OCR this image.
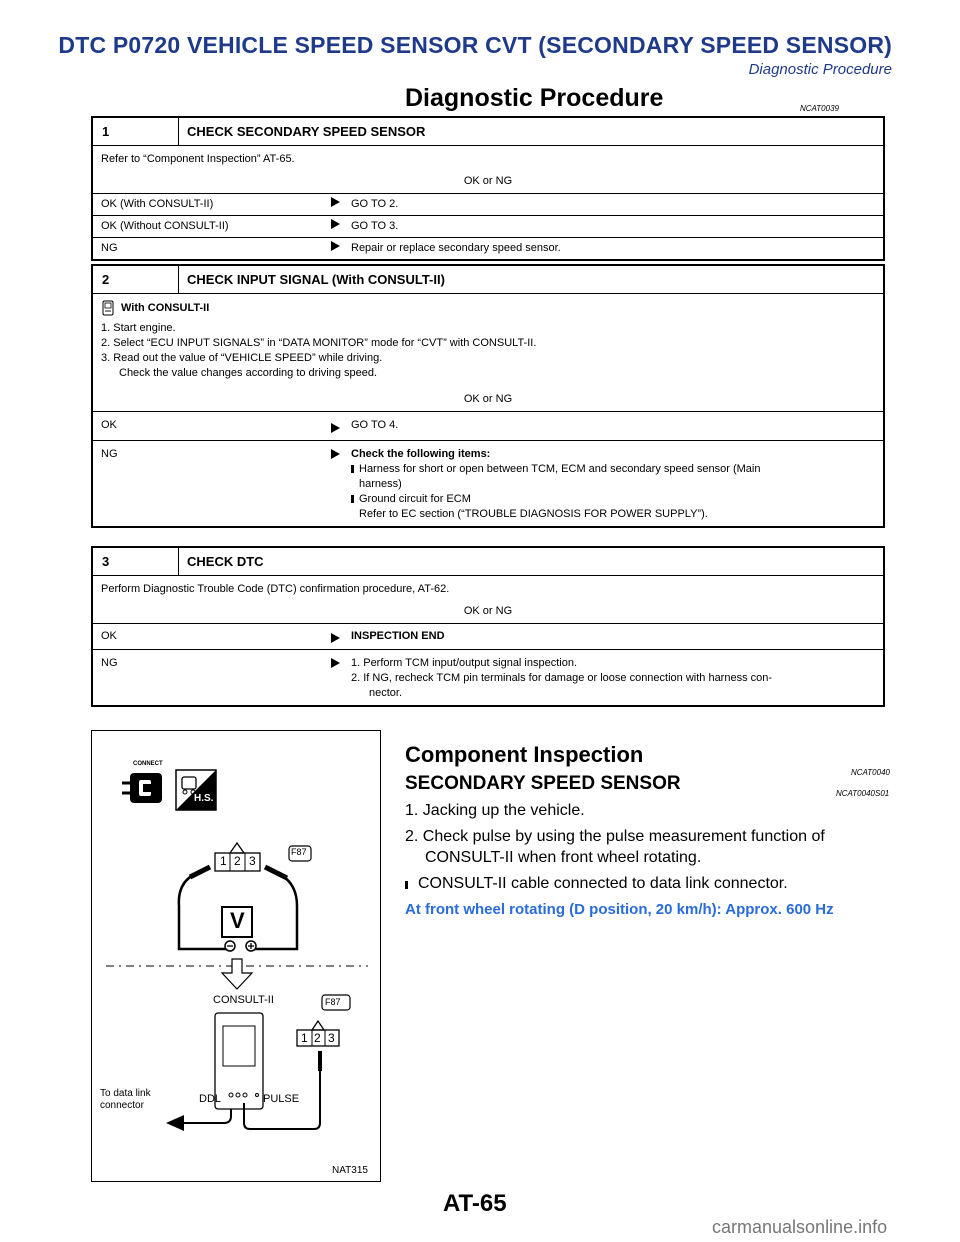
DTC P0720 VEHICLE SPEED SENSOR CVT (SECONDARY SPEED SENSOR)
Diagnostic Procedure
Diagnostic Procedure	NCAT0039
1	CHECK SECONDARY SPEED SENSOR
Refer to “Component Inspection” AT-65.
OK or NG
OK (With CONSULT-II)	GO TO 2.
OK (Without CONSULT-II)	GO TO 3.
NG	Repair or replace secondary speed sensor.
2	CHECK INPUT SIGNAL (With CONSULT-II)
With CONSULT-II
1. Start engine.
2. Select “ECU INPUT SIGNALS” in “DATA MONITOR” mode for “CVT” with CONSULT-II.
3. Read out the value of “VEHICLE SPEED” while driving.
Check the value changes according to driving speed.
OK or NG
OK	GO TO 4.
NG	Check the following items:
Harness for short or open between TCM, ECM and secondary speed sensor (Main
harness)
Ground circuit for ECM
Refer to EC section (“TROUBLE DIAGNOSIS FOR POWER SUPPLY”).
3	CHECK DTC
Perform Diagnostic Trouble Code (DTC) confirmation procedure, AT-62.
OK or NG
OK	INSPECTION END
NG	1. Perform TCM input/output signal inspection.
2. If NG, recheck TCM pin terminals for damage or loose connection with harness con-
nector.
CONNECT
H.S.
F87
1 2 3
V
CONSULT-II	F87
1 2 3
To data link
connector
DDL	PULSE
NAT315
Component Inspection
NCAT0040
SECONDARY SPEED SENSOR	NCAT0040S01

1. Jacking up the vehicle.

2. Check pulse by using the pulse measurement function of CONSULT-II when front wheel rotating.

CONSULT-II cable connected to data link connector.

At front wheel rotating (D position, 20 km/h): Approx. 600 Hz
AT-65
carmanualsonline.info
